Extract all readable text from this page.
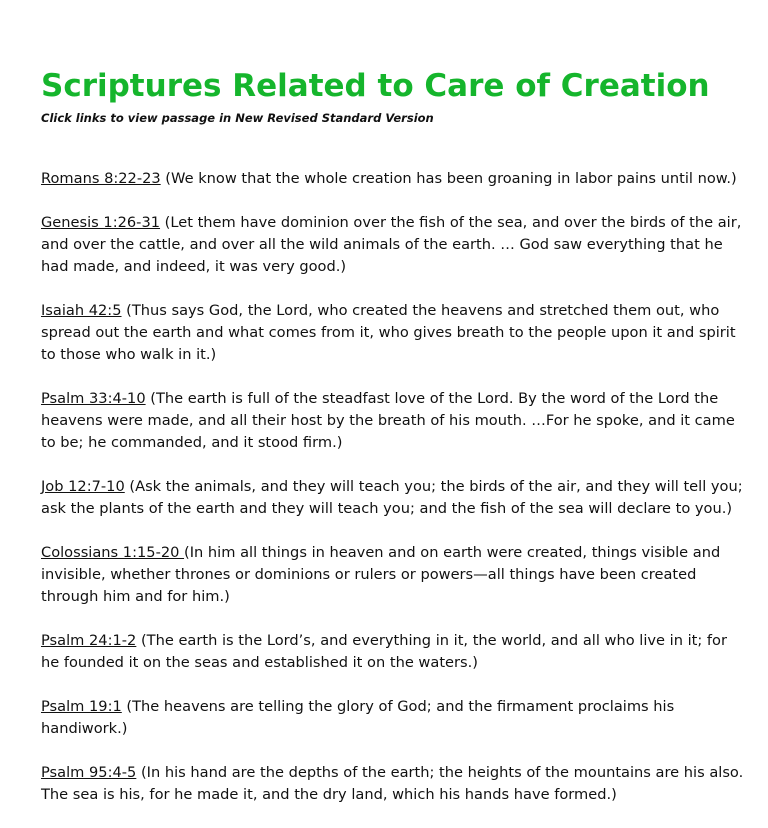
Scriptures Related to Care of Creation
Click links to view passage in New Revised Standard Version

Romans 8:22-23 (We know that the whole creation has been groaning in labor pains until now.)

Genesis 1:26-31 (Let them have dominion over the fish of the sea, and over the birds of the air, and over the cattle, and over all the wild animals of the earth. … God saw everything that he had made, and indeed, it was very good.)

Isaiah 42:5 (Thus says God, the Lord, who created the heavens and stretched them out, who spread out the earth and what comes from it, who gives breath to the people upon it and spirit to those who walk in it.)

Psalm 33:4-10 (The earth is full of the steadfast love of the Lord. By the word of the Lord the heavens were made, and all their host by the breath of his mouth. …For he spoke, and it came to be; he commanded, and it stood firm.)

Job 12:7-10 (Ask the animals, and they will teach you; the birds of the air, and they will tell you; ask the plants of the earth and they will teach you; and the fish of the sea will declare to you.)

Colossians 1:15-20 (In him all things in heaven and on earth were created, things visible and invisible, whether thrones or dominions or rulers or powers—all things have been created through him and for him.)

Psalm 24:1-2 (The earth is the Lord’s, and everything in it, the world, and all who live in it; for he founded it on the seas and established it on the waters.)

Psalm 19:1 (The heavens are telling the glory of God; and the firmament proclaims his handiwork.)

Psalm 95:4-5 (In his hand are the depths of the earth; the heights of the mountains are his also. The sea is his, for he made it, and the dry land, which his hands have formed.)
